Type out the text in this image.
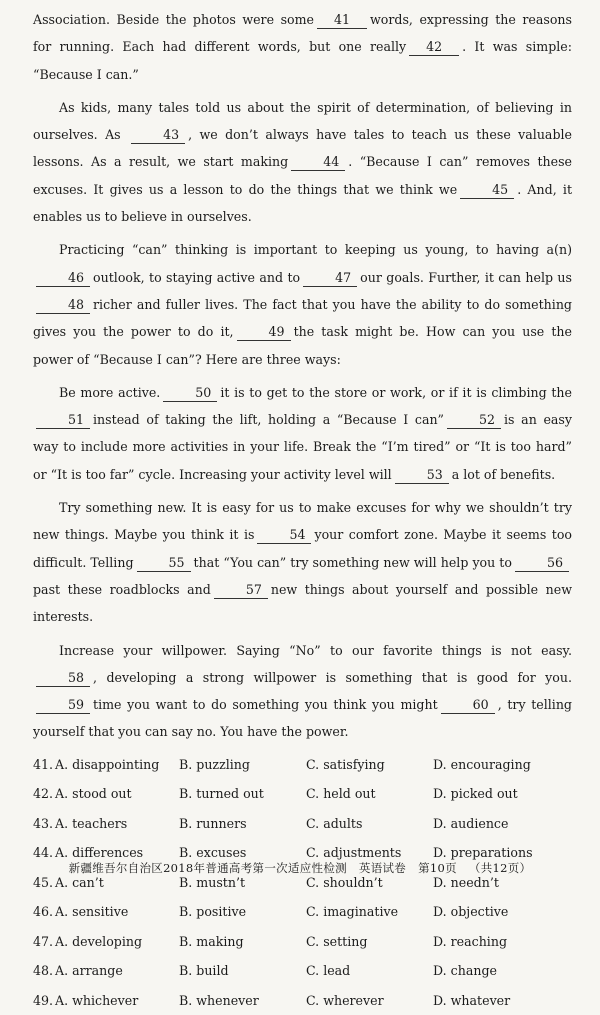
Association. Beside the photos were some 41 words, expressing the reasons for running. Each had different words, but one really 42 . It was simple: “Because I can.”

As kids, many tales told us about the spirit of determination, of believing in ourselves. As	43 , we don’t always have tales to teach us these valuable lessons. As a result, we start making	44 . “Because I can” removes these excuses. It gives us a lesson to do the things that we think we	45 . And, it enables us to believe in ourselves.

Practicing “can” thinking is important to keeping us young, to having a(n)46 outlook, to staying active and to	47 our goals. Further, it can help us48 richer and fuller lives. The fact that you have the ability to do something gives you the power to do it,	49 the task might be. How can you use the power of “Because I can”? Here are three ways:

Be more active.	50 it is to get to the store or work, or if it is climbing the51 instead of taking the lift, holding a “Because I can”	52 is an easy way to include more activities in your life. Break the “I’m tired” or “It is too hard” or “It is too far” cycle. Increasing your activity level will	53 a lot of benefits.

Try something new. It is easy for us to make excuses for why we shouldn’t try new things. Maybe you think it is	54 your comfort zone. Maybe it seems too difficult. Telling	55 that “You can” try something new will help you to	56past these roadblocks and	57 new things about yourself and possible new interests.

Increase your willpower. Saying “No” to our favorite things is not easy.58 , developing a strong willpower is something that is good for you.59 time you want to do something you think you might	60 , try telling yourself that you can say no. You have the power.

41. A. disappointing	B. puzzling	C. satisfying	D. encouraging
42. A. stood out	B. turned out	C. held out	D. picked out
43. A. teachers	B. runners	C. adults	D. audience
44. A. differences	B. excuses	C. adjustments	D. preparations
45. A. can’t	B. mustn’t	C. shouldn’t	D. needn’t
46. A. sensitive	B. positive	C. imaginative	D. objective
47. A. developing	B. making	C. setting	D. reaching
48. A. arrange	B. build	C. lead	D. change
49. A. whichever	B. whenever	C. wherever	D. whatever
新疆维吾尔自治区2018年普通高考第一次适应性检测 英语试卷 第10页 （共12页）
